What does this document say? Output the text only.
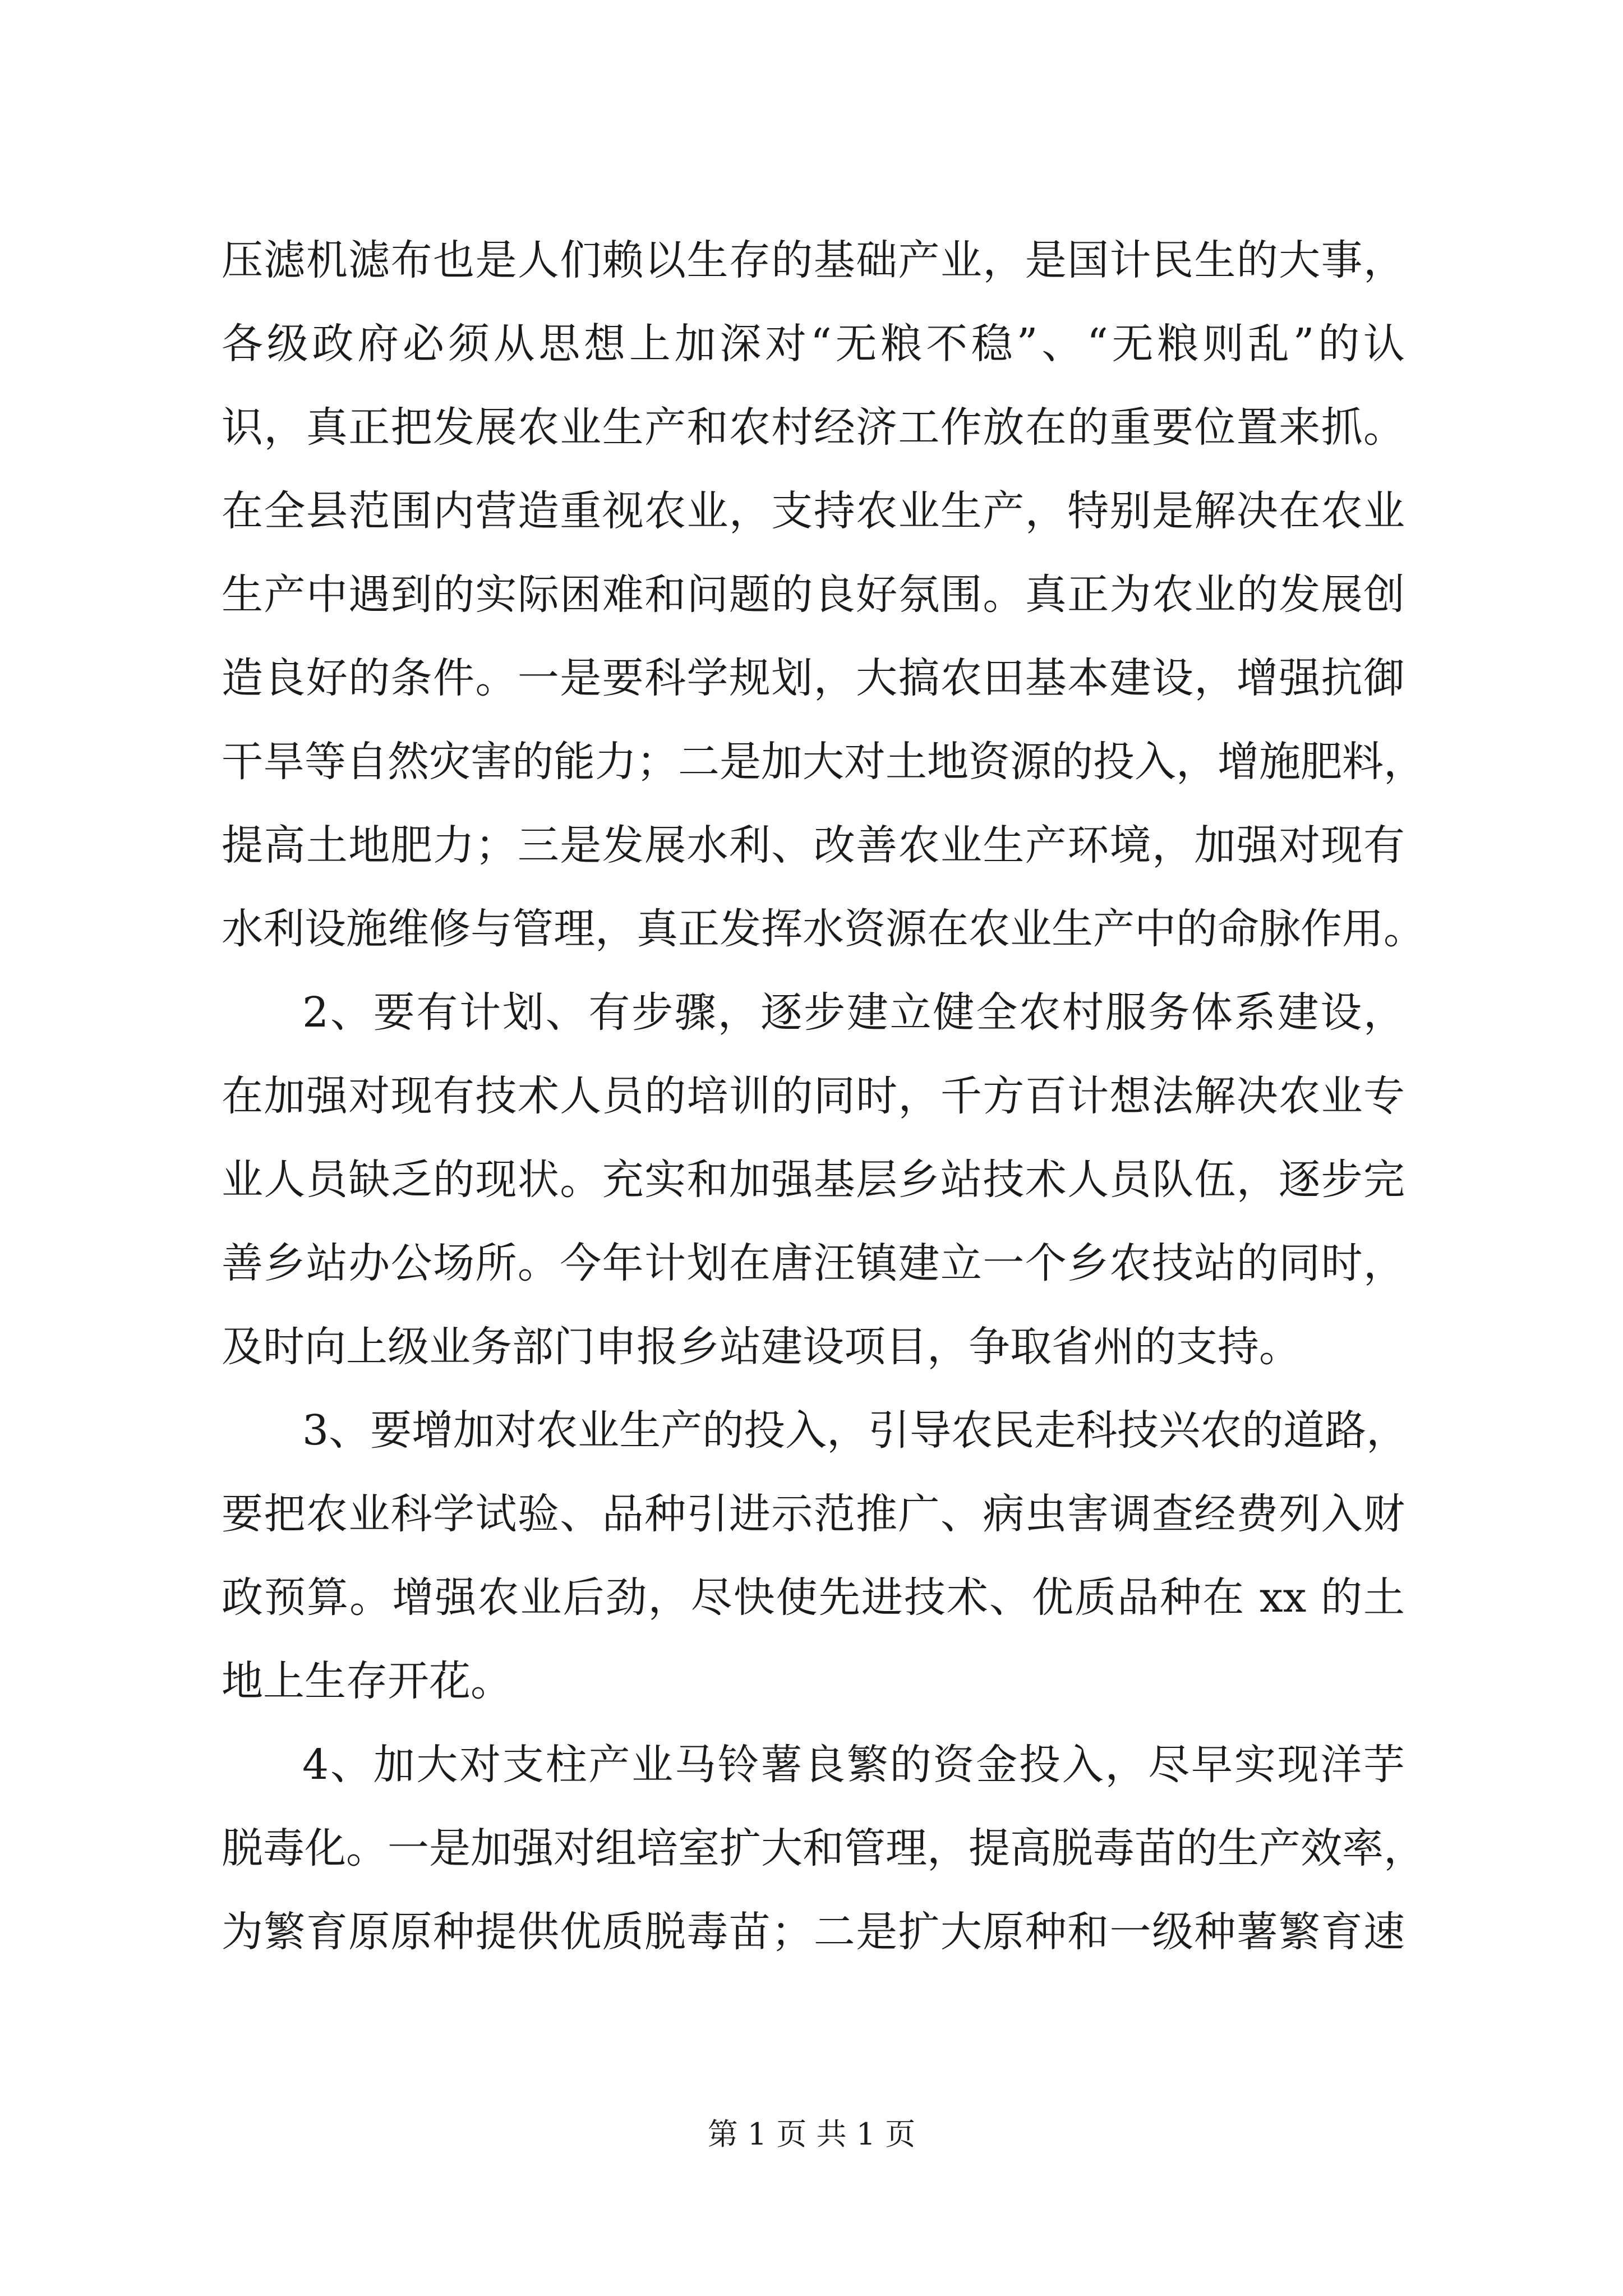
压滤机滤布也是人们赖以生存的基础产业，是国计民生的大事，
各级政府必须从思想上加深对“无粮不稳”、“无粮则乱”的认
识，真正把发展农业生产和农村经济工作放在的重要位置来抓。
在全县范围内营造重视农业，支持农业生产，特别是解决在农业
生产中遇到的实际困难和问题的良好氛围。真正为农业的发展创
造良好的条件。一是要科学规划，大搞农田基本建设，增强抗御
干旱等自然灾害的能力；二是加大对土地资源的投入，增施肥料，
提高土地肥力；三是发展水利、改善农业生产环境，加强对现有
水利设施维修与管理，真正发挥水资源在农业生产中的命脉作用。
2、要有计划、有步骤，逐步建立健全农村服务体系建设，
在加强对现有技术人员的培训的同时，千方百计想法解决农业专
业人员缺乏的现状。充实和加强基层乡站技术人员队伍，逐步完
善乡站办公场所。今年计划在唐汪镇建立一个乡农技站的同时，
及时向上级业务部门申报乡站建设项目，争取省州的支持。
3、要增加对农业生产的投入，引导农民走科技兴农的道路，
要把农业科学试验、品种引进示范推广、病虫害调查经费列入财
政预算。增强农业后劲，尽快使先进技术、优质品种在 xx 的土
地上生存开花。
4、加大对支柱产业马铃薯良繁的资金投入，尽早实现洋芋
脱毒化。一是加强对组培室扩大和管理，提高脱毒苗的生产效率，
为繁育原原种提供优质脱毒苗；二是扩大原种和一级种薯繁育速
第 1 页 共 1 页
